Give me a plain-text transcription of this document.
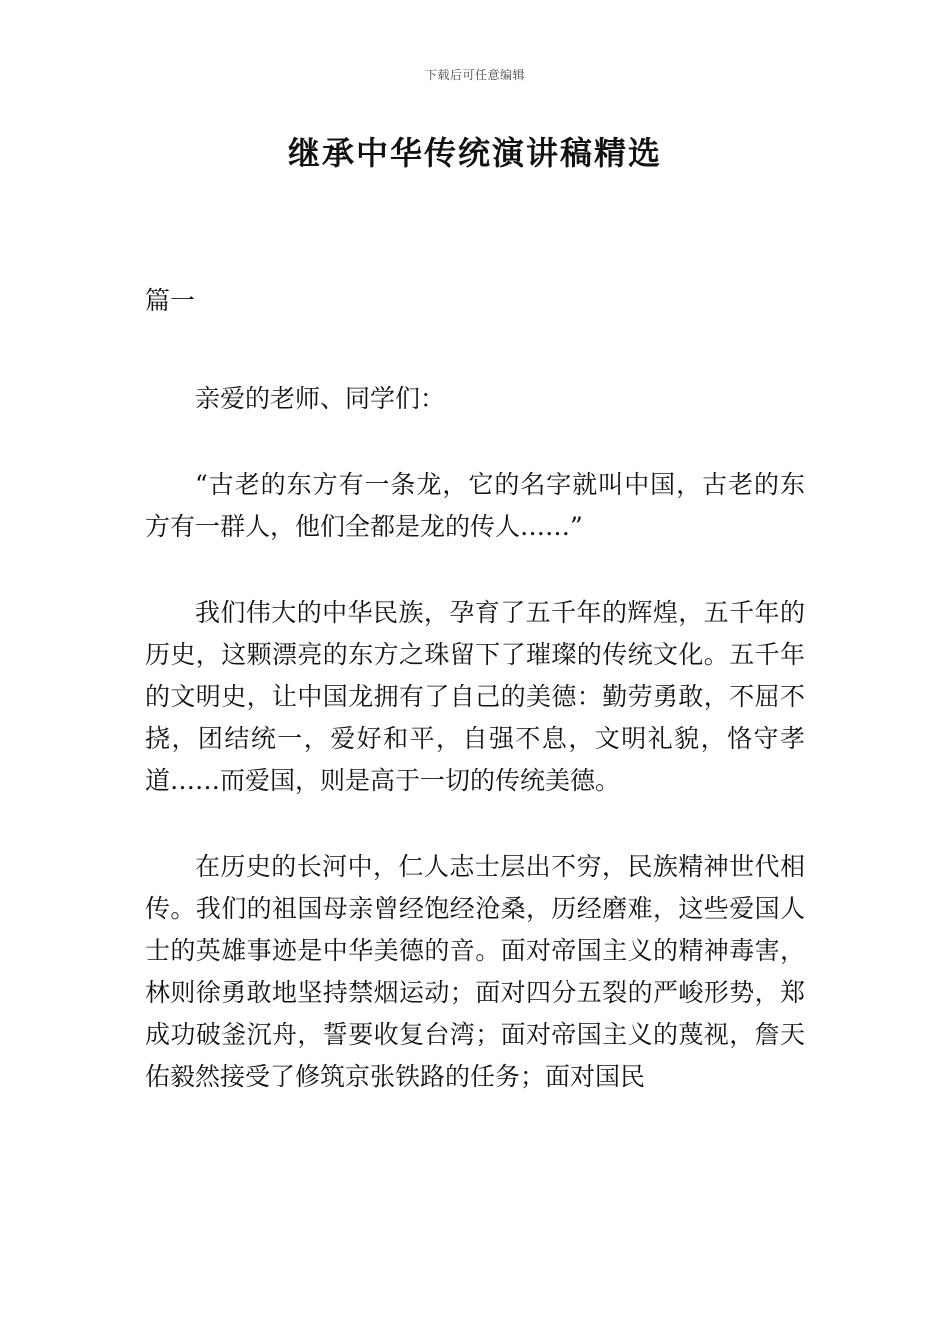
下载后可任意编辑
继承中华传统演讲稿精选

篇一

亲爱的老师、同学们：

“古老的东方有一条龙，它的名字就叫中国，古老的东方有一群人，他们全都是龙的传人……”

我们伟大的中华民族，孕育了五千年的辉煌，五千年的历史，这颗漂亮的东方之珠留下了璀璨的传统文化。五千年的文明史，让中国龙拥有了自己的美德：勤劳勇敢，不屈不挠，团结统一，爱好和平，自强不息，文明礼貌，恪守孝道……而爱国，则是高于一切的传统美德。

在历史的长河中，仁人志士层出不穷，民族精神世代相传。我们的祖国母亲曾经饱经沧桑，历经磨难，这些爱国人士的英雄事迹是中华美德的音。面对帝国主义的精神毒害，林则徐勇敢地坚持禁烟运动；面对四分五裂的严峻形势，郑成功破釜沉舟，誓要收复台湾；面对帝国主义的蔑视，詹天佑毅然接受了修筑京张铁路的任务；面对国民
